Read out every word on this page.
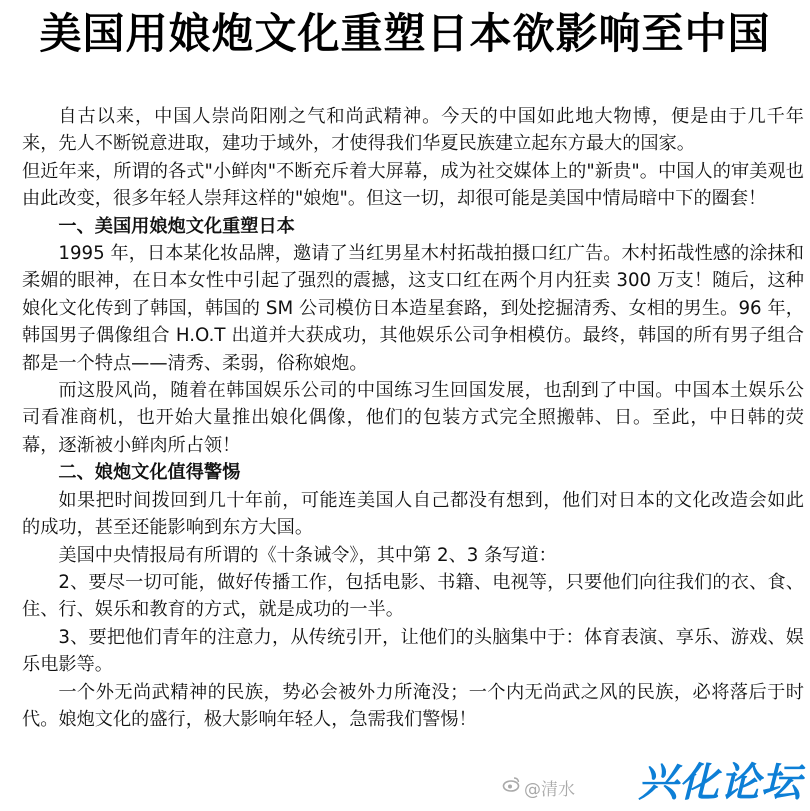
美国用娘炮文化重塑日本欲影响至中国

自古以来，中国人崇尚阳刚之气和尚武精神。今天的中国如此地大物博，便是由于几千年来，先人不断锐意进取，建功于域外，才使得我们华夏民族建立起东方最大的国家。

但近年来，所谓的各式"小鲜肉"不断充斥着大屏幕，成为社交媒体上的"新贵"。中国人的审美观也由此改变，很多年轻人崇拜这样的"娘炮"。但这一切，却很可能是美国中情局暗中下的圈套！

一、美国用娘炮文化重塑日本

1995 年，日本某化妆品牌，邀请了当红男星木村拓哉拍摄口红广告。木村拓哉性感的涂抹和柔媚的眼神，在日本女性中引起了强烈的震撼，这支口红在两个月内狂卖 300 万支！随后，这种娘化文化传到了韩国，韩国的 SM 公司模仿日本造星套路，到处挖掘清秀、女相的男生。96 年，韩国男子偶像组合 H.O.T 出道并大获成功，其他娱乐公司争相模仿。最终，韩国的所有男子组合都是一个特点——清秀、柔弱，俗称娘炮。

而这股风尚，随着在韩国娱乐公司的中国练习生回国发展，也刮到了中国。中国本土娱乐公司看准商机，也开始大量推出娘化偶像，他们的包装方式完全照搬韩、日。至此，中日韩的荧幕，逐渐被小鲜肉所占领！

二、娘炮文化值得警惕

如果把时间拨回到几十年前，可能连美国人自己都没有想到，他们对日本的文化改造会如此的成功，甚至还能影响到东方大国。

美国中央情报局有所谓的《十条诫令》，其中第 2、3 条写道：

2、要尽一切可能，做好传播工作，包括电影、书籍、电视等，只要他们向往我们的衣、食、住、行、娱乐和教育的方式，就是成功的一半。

3、要把他们青年的注意力，从传统引开，让他们的头脑集中于：体育表演、享乐、游戏、娱乐电影等。

一个外无尚武精神的民族，势必会被外力所淹没；一个内无尚武之风的民族，必将落后于时代。娘炮文化的盛行，极大影响年轻人，急需我们警惕！

@清水 兴化论坛
